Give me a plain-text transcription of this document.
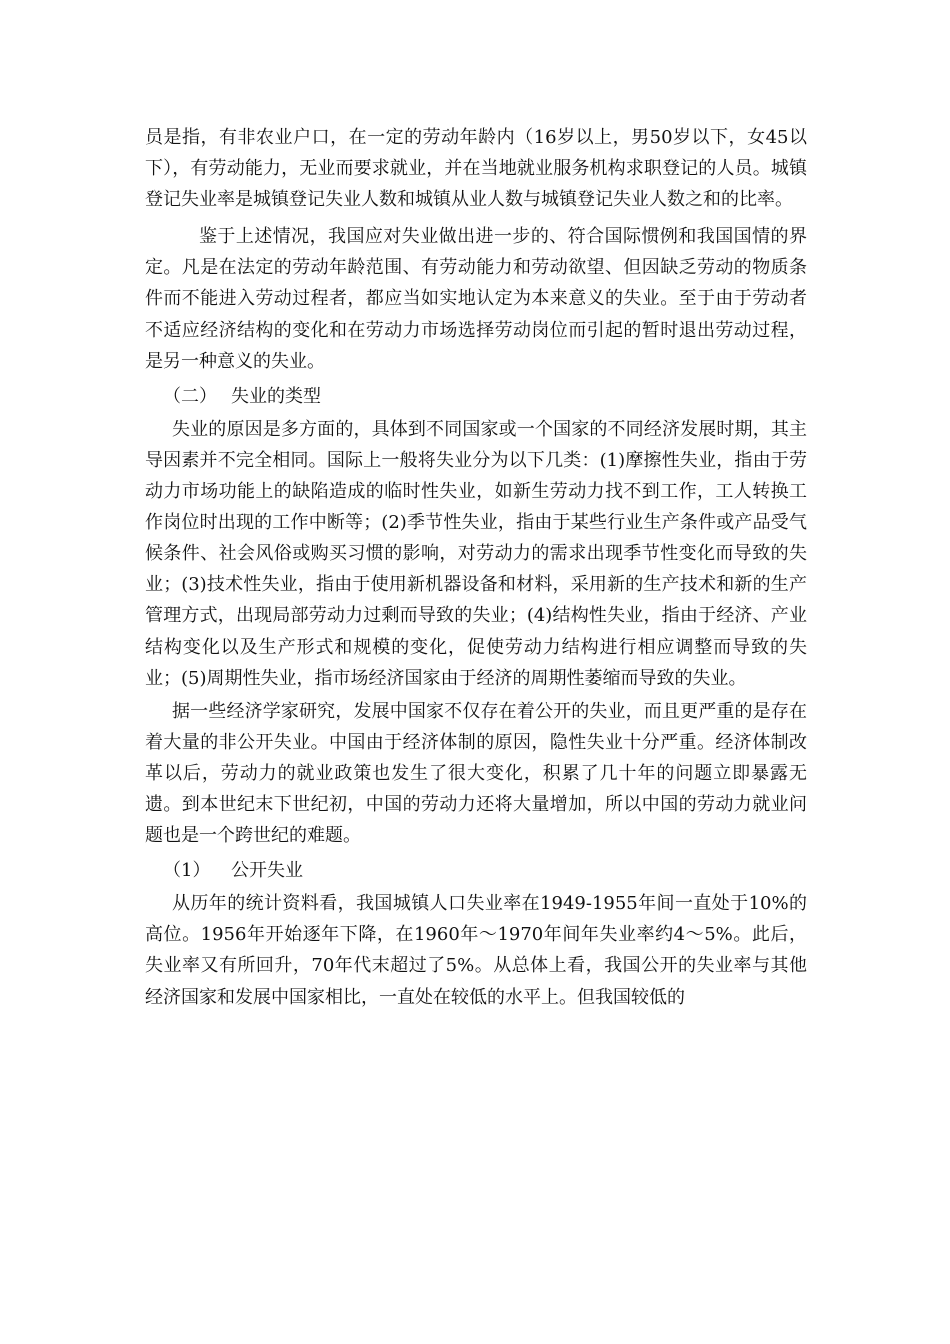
员是指，有非农业户口，在一定的劳动年龄内（16岁以上，男50岁以下，女45以下），有劳动能力，无业而要求就业，并在当地就业服务机构求职登记的人员。城镇登记失业率是城镇登记失业人数和城镇从业人数与城镇登记失业人数之和的比率。

鉴于上述情况，我国应对失业做出进一步的、符合国际惯例和我国国情的界定。凡是在法定的劳动年龄范围、有劳动能力和劳动欲望、但因缺乏劳动的物质条件而不能进入劳动过程者，都应当如实地认定为本来意义的失业。至于由于劳动者不适应经济结构的变化和在劳动力市场选择劳动岗位而引起的暂时退出劳动过程，是另一种意义的失业。

（二） 失业的类型

失业的原因是多方面的，具体到不同国家或一个国家的不同经济发展时期，其主导因素并不完全相同。国际上一般将失业分为以下几类：(1)摩擦性失业，指由于劳动力市场功能上的缺陷造成的临时性失业，如新生劳动力找不到工作，工人转换工作岗位时出现的工作中断等；(2)季节性失业，指由于某些行业生产条件或产品受气候条件、社会风俗或购买习惯的影响，对劳动力的需求出现季节性变化而导致的失业；(3)技术性失业，指由于使用新机器设备和材料，采用新的生产技术和新的生产管理方式，出现局部劳动力过剩而导致的失业；(4)结构性失业，指由于经济、产业结构变化以及生产形式和规模的变化，促使劳动力结构进行相应调整而导致的失业；(5)周期性失业，指市场经济国家由于经济的周期性萎缩而导致的失业。

据一些经济学家研究，发展中国家不仅存在着公开的失业，而且更严重的是存在着大量的非公开失业。中国由于经济体制的原因，隐性失业十分严重。经济体制改革以后，劳动力的就业政策也发生了很大变化，积累了几十年的问题立即暴露无遗。到本世纪末下世纪初，中国的劳动力还将大量增加，所以中国的劳动力就业问题也是一个跨世纪的难题。

（1） 公开失业

从历年的统计资料看，我国城镇人口失业率在1949-1955年间一直处于10%的高位。1956年开始逐年下降，在1960年～1970年间年失业率约4～5%。此后，失业率又有所回升，70年代末超过了5%。从总体上看，我国公开的失业率与其他经济国家和发展中国家相比，一直处在较低的水平上。但我国较低的
